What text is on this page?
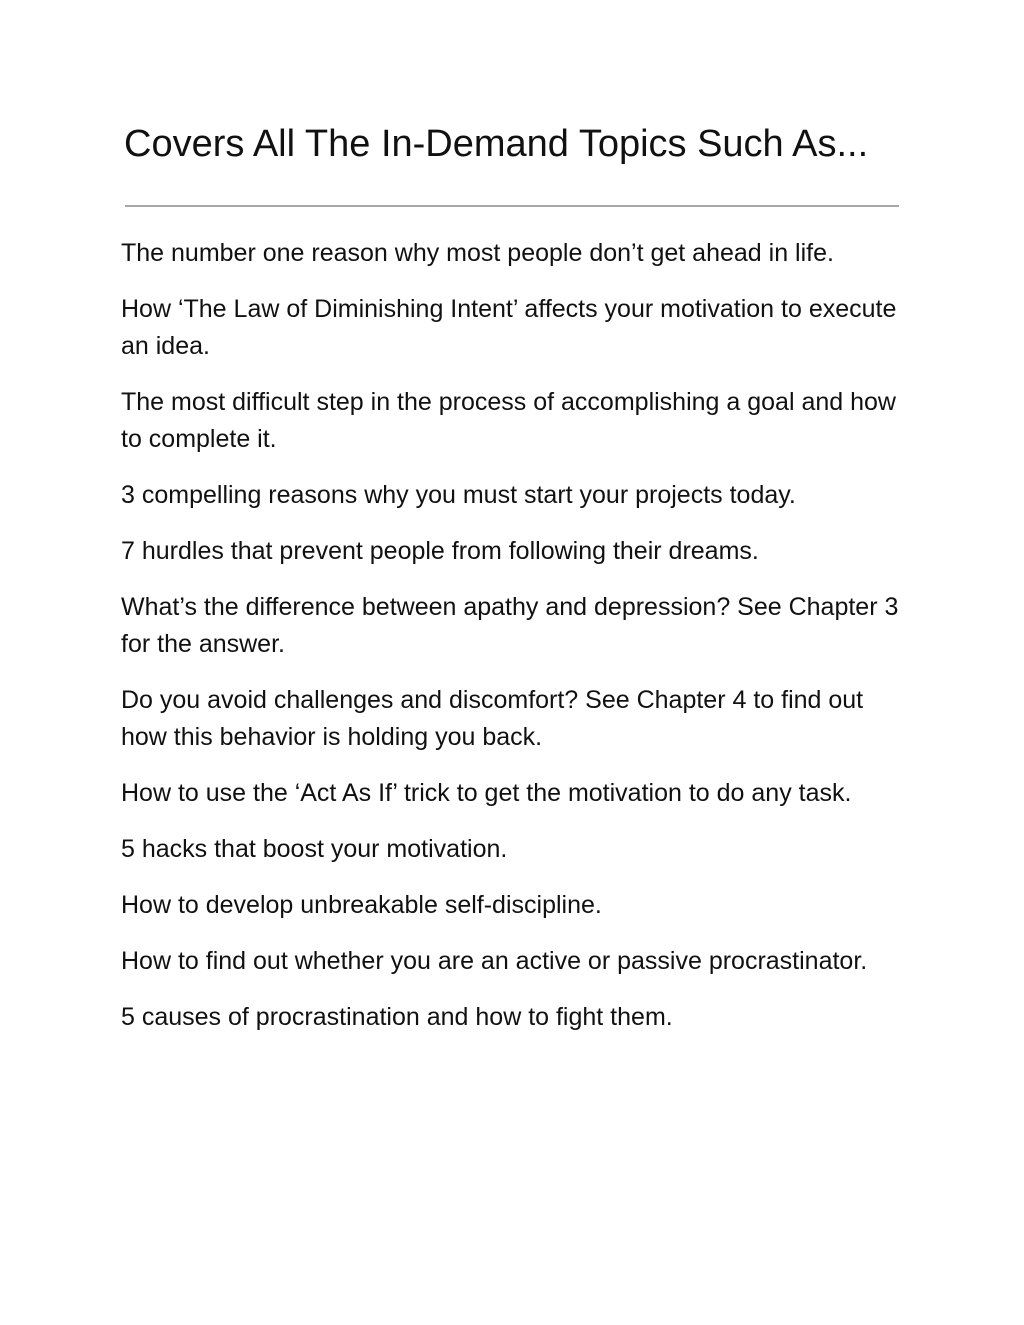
Covers All The In-Demand Topics Such As...
The number one reason why most people don’t get ahead in life.
How ‘The Law of Diminishing Intent’ affects your motivation to execute an idea.
The most difficult step in the process of accomplishing a goal and how to complete it.
3 compelling reasons why you must start your projects today.
7 hurdles that prevent people from following their dreams.
What’s the difference between apathy and depression? See Chapter 3 for the answer.
Do you avoid challenges and discomfort? See Chapter 4 to find out how this behavior is holding you back.
How to use the ‘Act As If’ trick to get the motivation to do any task.
5 hacks that boost your motivation.
How to develop unbreakable self-discipline.
How to find out whether you are an active or passive procrastinator.
5 causes of procrastination and how to fight them.
